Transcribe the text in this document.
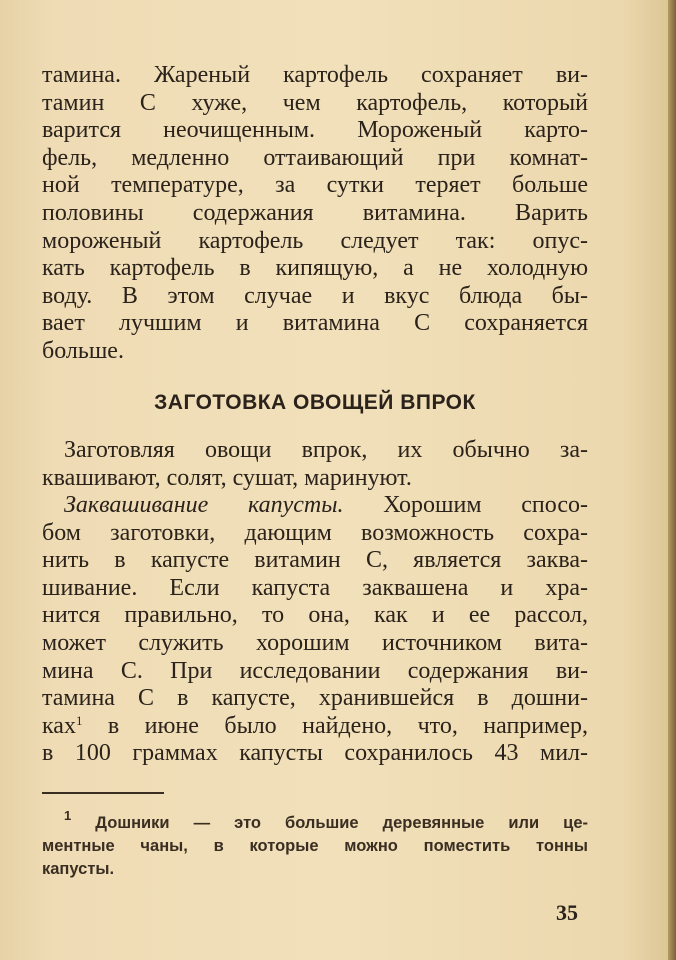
тамина. Жареный картофель сохраняет ви-
тамин C хуже, чем картофель, который
варится неочищенным. Мороженый карто-
фель, медленно оттаивающий при комнат-
ной температуре, за сутки теряет больше
половины содержания витамина. Варить
мороженый картофель следует так: опус-
кать картофель в кипящую, а не холодную
воду. В этом случае и вкус блюда бы-
вает лучшим и витамина C сохраняется
больше.
ЗАГОТОВКА ОВОЩЕЙ ВПРОК
Заготовляя овощи впрок, их обычно за-
квашивают, солят, сушат, маринуют.
Заквашивание капусты. Хорошим спосо-
бом заготовки, дающим возможность сохра-
нить в капусте витамин C, является заква-
шивание. Если капуста заквашена и хра-
нится правильно, то она, как и ее рассол,
может служить хорошим источником вита-
мина C. При исследовании содержания ви-
тамина C в капусте, хранившейся в дошни-
ках$^1$ в июне было найдено, что, например,
в 100 граммах капусты сохранилось 43 мил-
$^1$ Дошники — это большие деревянные или це-
ментные чаны, в которые можно поместить тонны
капусты.
35
